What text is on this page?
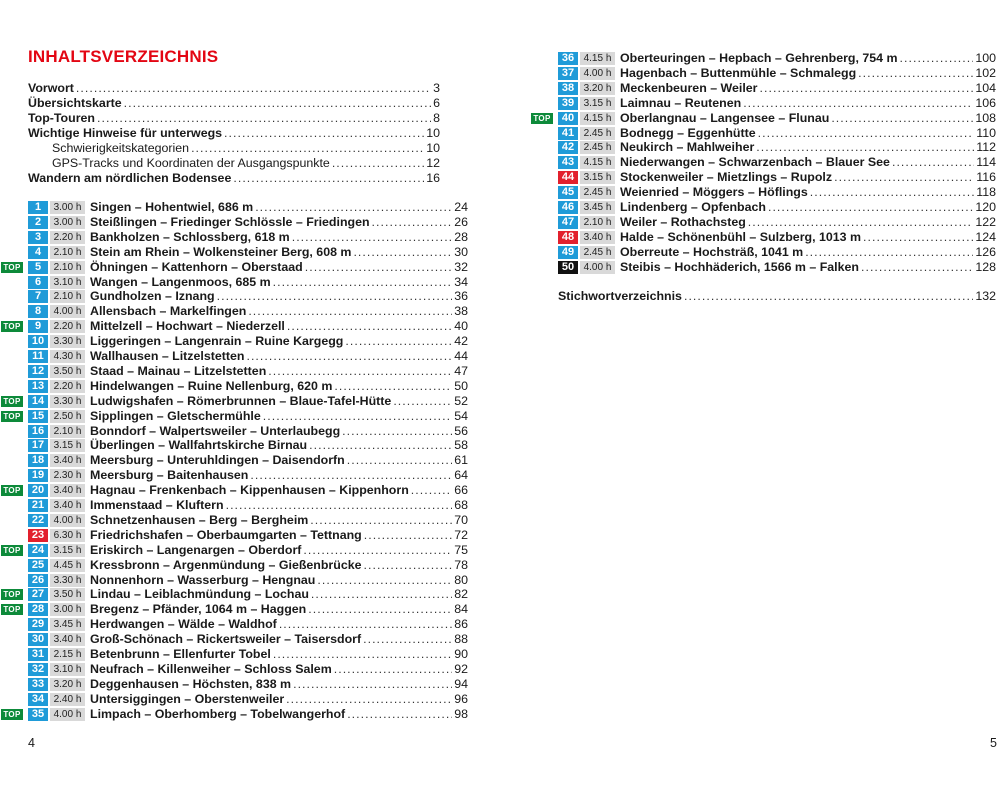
INHALTSVERZEICHNIS
Vorwort . . .	3
Übersichtskarte . . .	6
Top-Touren . . .	8
Wichtige Hinweise für unterwegs . . .	10
Schwierigkeitskategorien . . .	10
GPS-Tracks und Koordinaten der Ausgangspunkte . . .	12
Wandern am nördlichen Bodensee . . .	16
1	3.00 h Singen – Hohentwiel, 686 m . . .	24
2	3.00 h Steißlingen – Friedinger Schlössle – Friedingen . . .	26
3	2.20 h Bankholzen – Schlossberg, 618 m . . .	28
4	2.10 h Stein am Rhein – Wolkensteiner Berg, 608 m . . .	30
TOP	5	2.10 h Öhningen – Kattenhorn – Oberstaad . . .	32
6	3.10 h Wangen – Langenmoos, 685 m . . .	34
7	2.10 h Gundholzen – Iznang . . .	36
8	4.00 h Allensbach – Markelfingen . . .	38
TOP	9	2.20 h Mittelzell – Hochwart – Niederzell . . .	40
10 3.30 h Liggeringen – Langenrain – Ruine Kargegg . . .	42
11 4.30 h Wallhausen – Litzelstetten . . .	44
12 3.50 h Staad – Mainau – Litzelstetten . . .	47
13 2.20 h Hindelwangen – Ruine Nellenburg, 620 m . . .	50
TOP	14 3.30 h Ludwigshafen – Römerbrunnen – Blaue-Tafel-Hütte . . .	52
TOP	15 2.50 h Sipplingen – Gletschermühle . . .	54
16 2.10 h Bonndorf – Walpertsweiler – Unterlaubegg . . .	56
17 3.15 h Überlingen – Wallfahrtskirche Birnau . . .	58
18 3.40 h Meersburg – Unteruhldingen – Daisendorfn . . .	61
19 2.30 h Meersburg – Baitenhausen . . .	64
TOP	20 3.40 h Hagnau – Frenkenbach – Kippenhausen – Kippenhorn . . .	66
21 3.40 h Immenstaad – Kluftern . . .	68
22 4.00 h Schnetzenhausen – Berg – Bergheim . . .	70
23 6.30 h Friedrichshafen – Oberbaumgarten – Tettnang . . .	72
TOP	24 3.15 h Eriskirch – Langenargen – Oberdorf . . .	75
25 4.45 h Kressbronn – Argenmündung – Gießenbrücke . . .	78
26 3.30 h Nonnenhorn – Wasserburg – Hengnau . . .	80
TOP	27 3.50 h Lindau – Leiblachmündung – Lochau . . .	82
TOP	28 3.00 h Bregenz – Pfänder, 1064 m – Haggen . . .	84
29 3.45 h Herdwangen – Wälde – Waldhof . . .	86
30 3.40 h Groß-Schönach – Rickertsweiler – Taisersdorf . . .	88
31 2.15 h Betenbrunn – Ellenfurter Tobel . . .	90
32 3.10 h Neufrach – Killenweiher – Schloss Salem . . .	92
33 3.20 h Deggenhausen – Höchsten, 838 m . . .	94
34 2.40 h Untersiggingen – Oberstenweiler . . .	96
TOP	35 4.00 h Limpach – Oberhomberg – Tobelwangerhof . . .	98
4
36 4.15 h Oberteuringen – Hepbach – Gehrenberg, 754 m . . .	100
37 4.00 h Hagenbach – Buttenmühle – Schmalegg . . .	102
38 3.20 h Meckenbeuren – Weiler . . .	104
39 3.15 h Laimnau – Reutenen . . .	106
TOP	40 4.15 h Oberlangnau – Langensee – Flunau . . .	108
41 2.45 h Bodnegg – Eggenhütte . . .	110
42 2.45 h Neukirch – Mahlweiher . . .	112
43 4.15 h Niederwangen – Schwarzenbach – Blauer See . . .	114
44 3.15 h Stockenweiler – Mietzlings – Rupolz . . .	116
45 2.45 h Weienried – Möggers – Höflings . . .	118
46 3.45 h Lindenberg – Opfenbach . . .	120
47 2.10 h Weiler – Rothachsteg . . .	122
48 3.40 h Halde – Schönenbühl – Sulzberg, 1013 m . . .	124
49 2.45 h Oberreute – Hochsträß, 1041 m . . .	126
50 4.00 h Steibis – Hochhäderich, 1566 m – Falken . . .	128
Stichwortverzeichnis . . .	132
5
